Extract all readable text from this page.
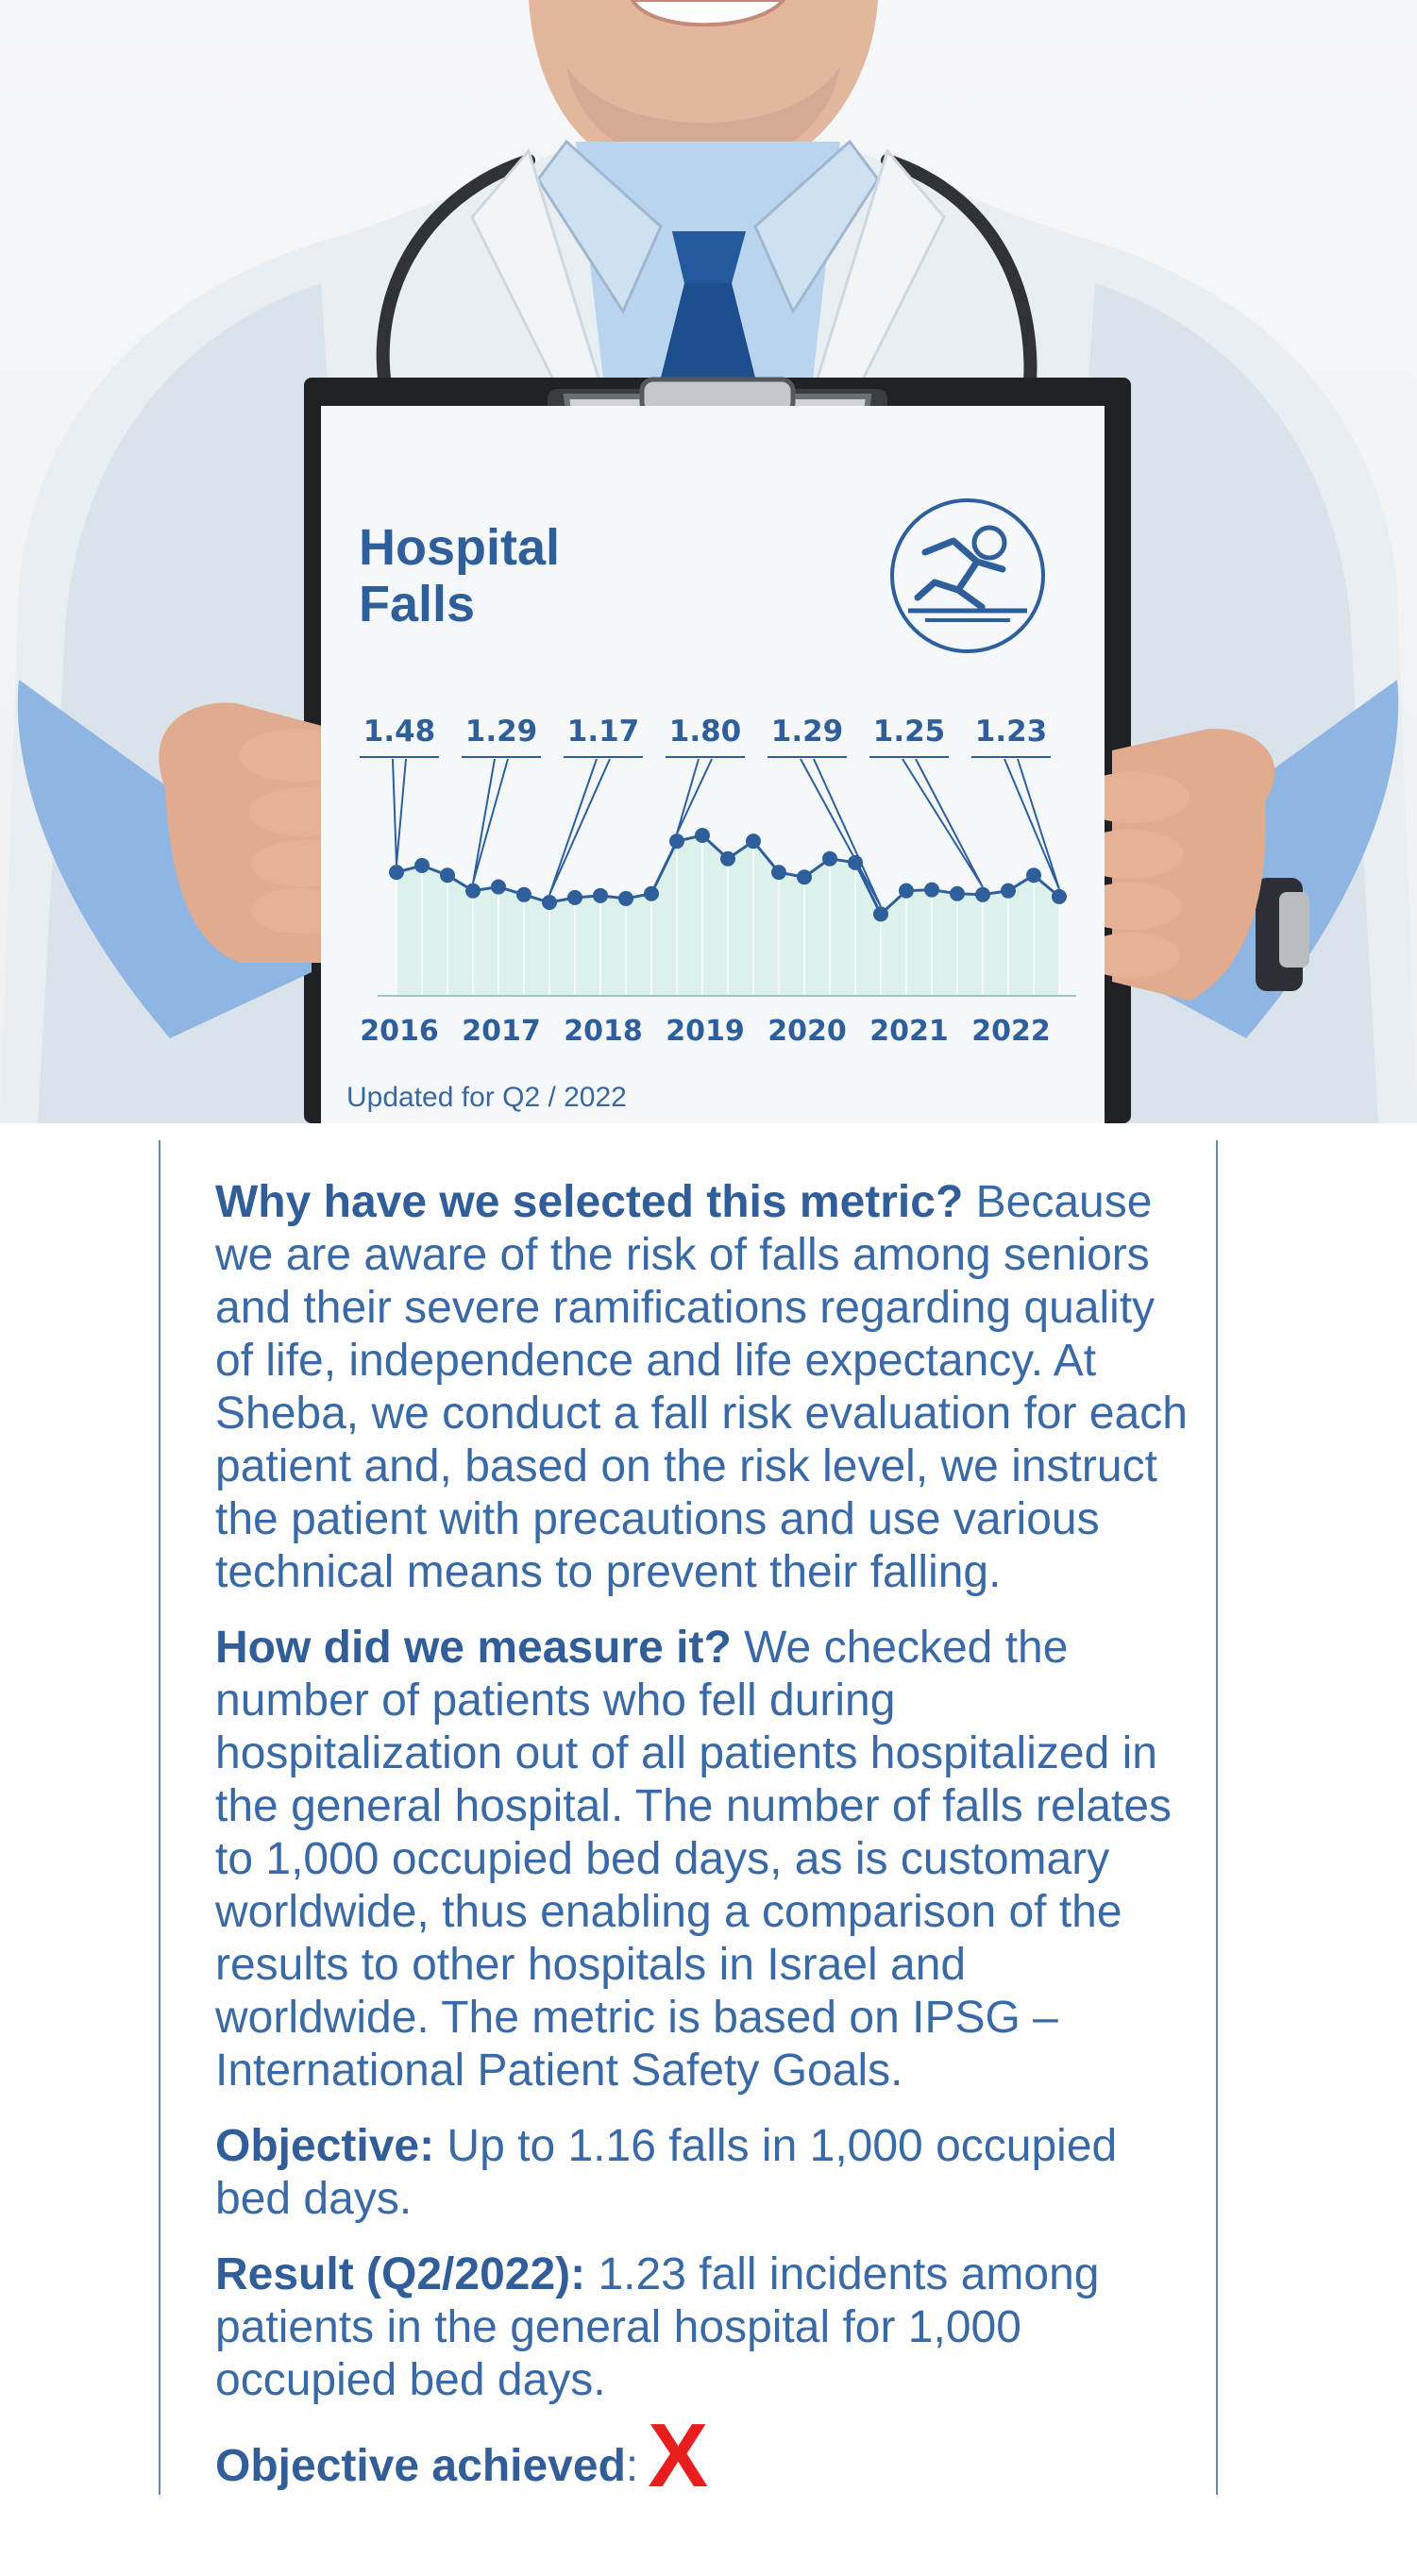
Hospital Falls
1.48 1.29 1.17 1.80 1.29 1.25 1.23
2016 2017 2018 2019 2020 2021 2022
Updated for Q2 / 2022

Why have we selected this metric? Because we are aware of the risk of falls among seniors and their severe ramifications regarding quality of life, independence and life expectancy. At Sheba, we conduct a fall risk evaluation for each patient and, based on the risk level, we instruct the patient with precautions and use various technical means to prevent their falling.

How did we measure it? We checked the number of patients who fell during hospitalization out of all patients hospitalized in the general hospital. The number of falls relates to 1,000 occupied bed days, as is customary worldwide, thus enabling a comparison of the results to other hospitals in Israel and worldwide. The metric is based on IPSG – International Patient Safety Goals.

Objective: Up to 1.16 falls in 1,000 occupied bed days.

Result (Q2/2022): 1.23 fall incidents among patients in the general hospital for 1,000 occupied bed days.

Objective achieved: X
